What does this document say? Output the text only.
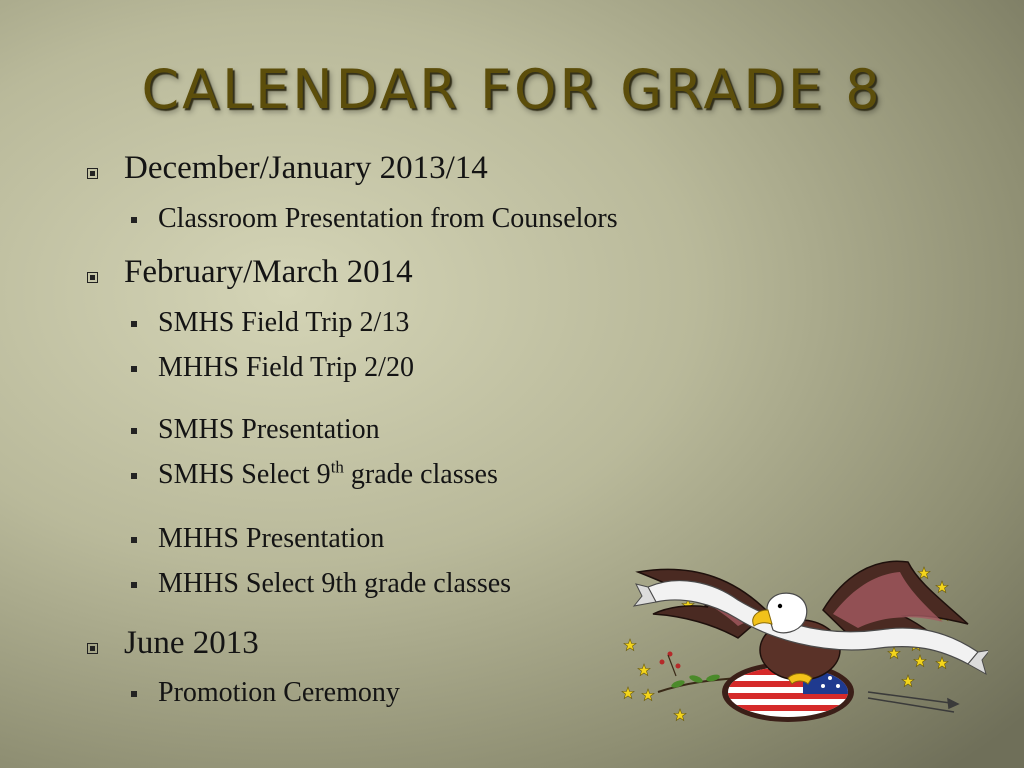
CALENDAR FOR GRADE 8
December/January 2013/14
Classroom Presentation from Counselors
February/March 2014
SMHS Field Trip 2/13
MHHS Field Trip 2/20
SMHS Presentation
SMHS Select 9th grade classes
MHHS Presentation
MHHS Select 9th grade classes
June 2013
Promotion Ceremony
